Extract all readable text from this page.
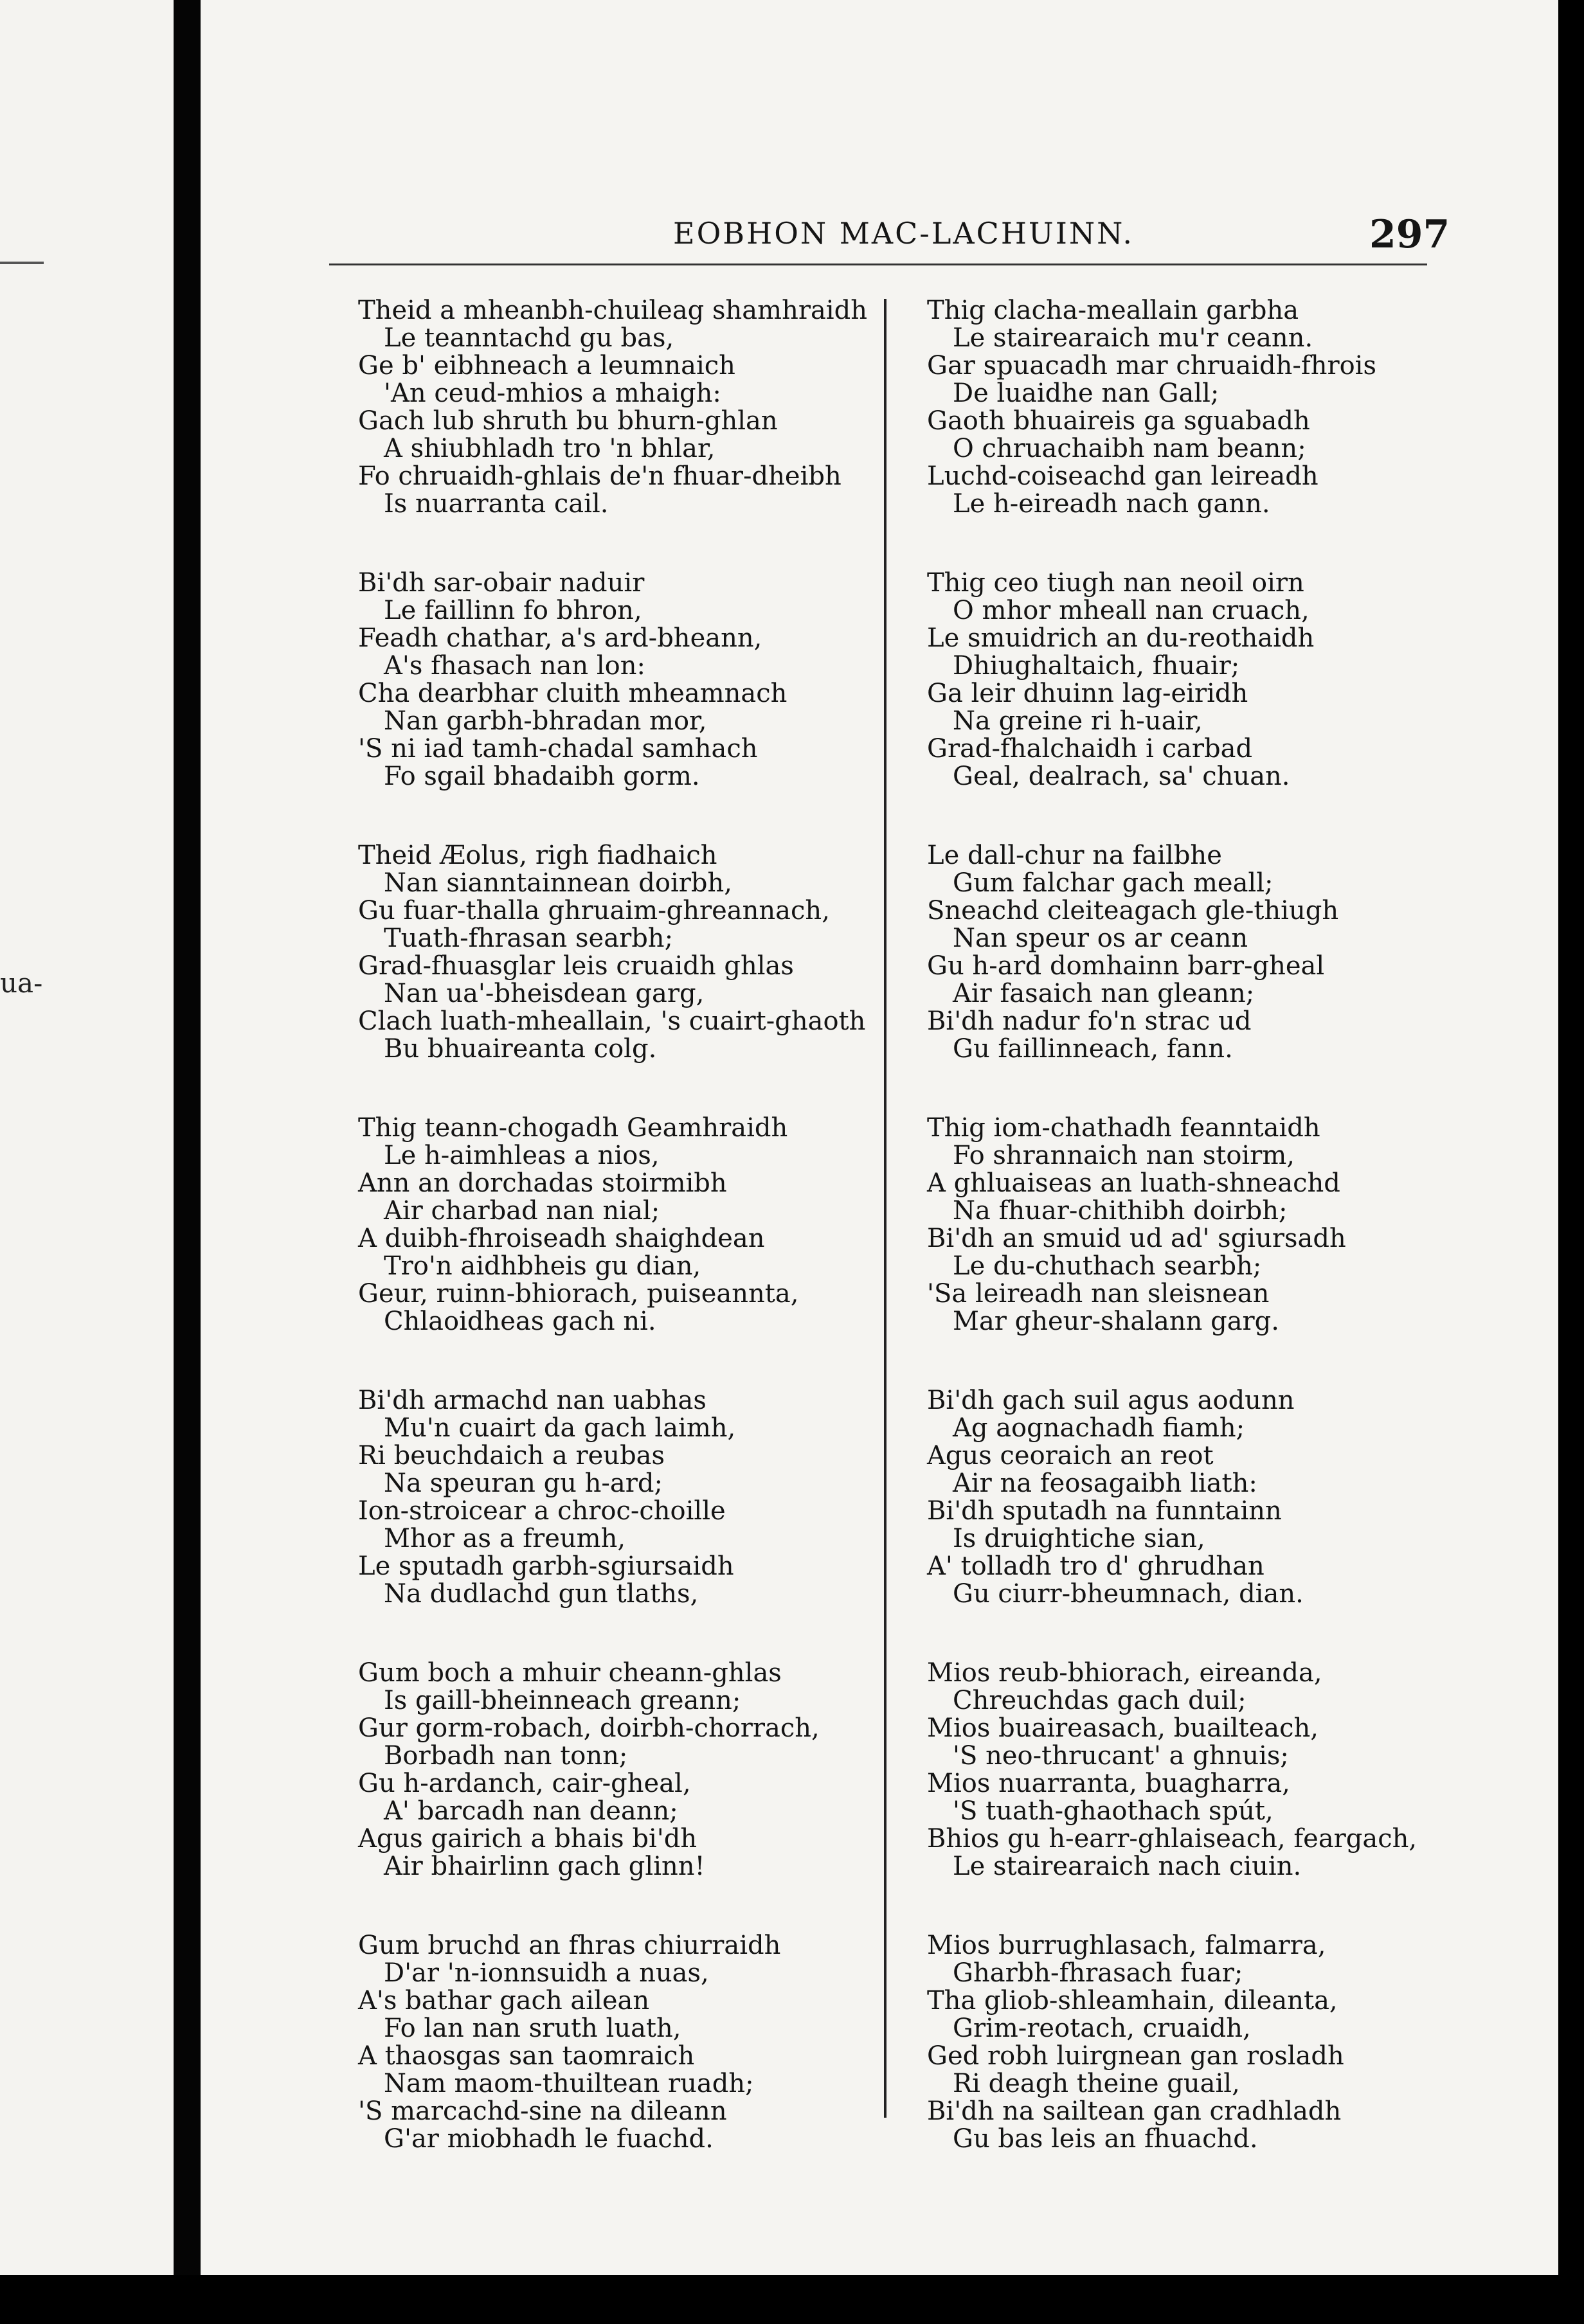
ua-
EOBHON MAC-LACHUINN.	297
Theid a mheanbh-chuileag shamhraidh
Le teanntachd gu bas,
Ge b' eibhneach a leumnaich
'An ceud-mhios a mhaigh:
Gach lub shruth bu bhurn-ghlan
A shiubhladh tro 'n bhlar,
Fo chruaidh-ghlais de'n fhuar-dheibh
Is nuarranta cail.
Bi'dh sar-obair naduir
Le faillinn fo bhron,
Feadh chathar, a's ard-bheann,
A's fhasach nan lon:
Cha dearbhar cluith mheamnach
Nan garbh-bhradan mor,
'S ni iad tamh-chadal samhach
Fo sgail bhadaibh gorm.
Theid Æolus, righ fiadhaich
Nan sianntainnean doirbh,
Gu fuar-thalla ghruaim-ghreannach,
Tuath-fhrasan searbh;
Grad-fhuasglar leis cruaidh ghlas
Nan ua'-bheisdean garg,
Clach luath-mheallain, 's cuairt-ghaoth
Bu bhuaireanta colg.
Thig teann-chogadh Geamhraidh
Le h-aimhleas a nios,
Ann an dorchadas stoirmibh
Air charbad nan nial;
A duibh-fhroiseadh shaighdean
Tro'n aidhbheis gu dian,
Geur, ruinn-bhiorach, puiseannta,
Chlaoidheas gach ni.
Bi'dh armachd nan uabhas
Mu'n cuairt da gach laimh,
Ri beuchdaich a reubas
Na speuran gu h-ard;
Ion-stroicear a chroc-choille
Mhor as a freumh,
Le sputadh garbh-sgiursaidh
Na dudlachd gun tlaths,
Gum boch a mhuir cheann-ghlas
Is gaill-bheinneach greann;
Gur gorm-robach, doirbh-chorrach,
Borbadh nan tonn;
Gu h-ardanch, cair-gheal,
A' barcadh nan deann;
Agus gairich a bhais bi'dh
Air bhairlinn gach glinn!
Gum bruchd an fhras chiurraidh
D'ar 'n-ionnsuidh a nuas,
A's bathar gach ailean
Fo lan nan sruth luath,
A thaosgas san taomraich
Nam maom-thuiltean ruadh;
'S marcachd-sine na dileann
G'ar miobhadh le fuachd.
Thig clacha-meallain garbha
Le stairearaich mu'r ceann.
Gar spuacadh mar chruaidh-fhrois
De luaidhe nan Gall;
Gaoth bhuaireis ga sguabadh
O chruachaibh nam beann;
Luchd-coiseachd gan leireadh
Le h-eireadh nach gann.
Thig ceo tiugh nan neoil oirn
O mhor mheall nan cruach,
Le smuidrich an du-reothaidh
Dhiughaltaich, fhuair;
Ga leir dhuinn lag-eiridh
Na greine ri h-uair,
Grad-fhalchaidh i carbad
Geal, dealrach, sa' chuan.
Le dall-chur na failbhe
Gum falchar gach meall;
Sneachd cleiteagach gle-thiugh
Nan speur os ar ceann
Gu h-ard domhainn barr-gheal
Air fasaich nan gleann;
Bi'dh nadur fo'n strac ud
Gu faillinneach, fann.
Thig iom-chathadh feanntaidh
Fo shrannaich nan stoirm,
A ghluaiseas an luath-shneachd
Na fhuar-chithibh doirbh;
Bi'dh an smuid ud ad' sgiursadh
Le du-chuthach searbh;
'Sa leireadh nan sleisnean
Mar gheur-shalann garg.
Bi'dh gach suil agus aodunn
Ag aognachadh fiamh;
Agus ceoraich an reot
Air na feosagaibh liath:
Bi'dh sputadh na funntainn
Is druightiche sian,
A' tolladh tro d' ghrudhan
Gu ciurr-bheumnach, dian.
Mios reub-bhiorach, eireanda,
Chreuchdas gach duil;
Mios buaireasach, buailteach,
'S neo-thrucant' a ghnuis;
Mios nuarranta, buagharra,
'S tuath-ghaothach spút,
Bhios gu h-earr-ghlaiseach, feargach,
Le stairearaich nach ciuin.
Mios burrughlasach, falmarra,
Gharbh-fhrasach fuar;
Tha gliob-shleamhain, dileanta,
Grim-reotach, cruaidh,
Ged robh luirgnean gan rosladh
Ri deagh theine guail,
Bi'dh na sailtean gan cradhladh
Gu bas leis an fhuachd.
